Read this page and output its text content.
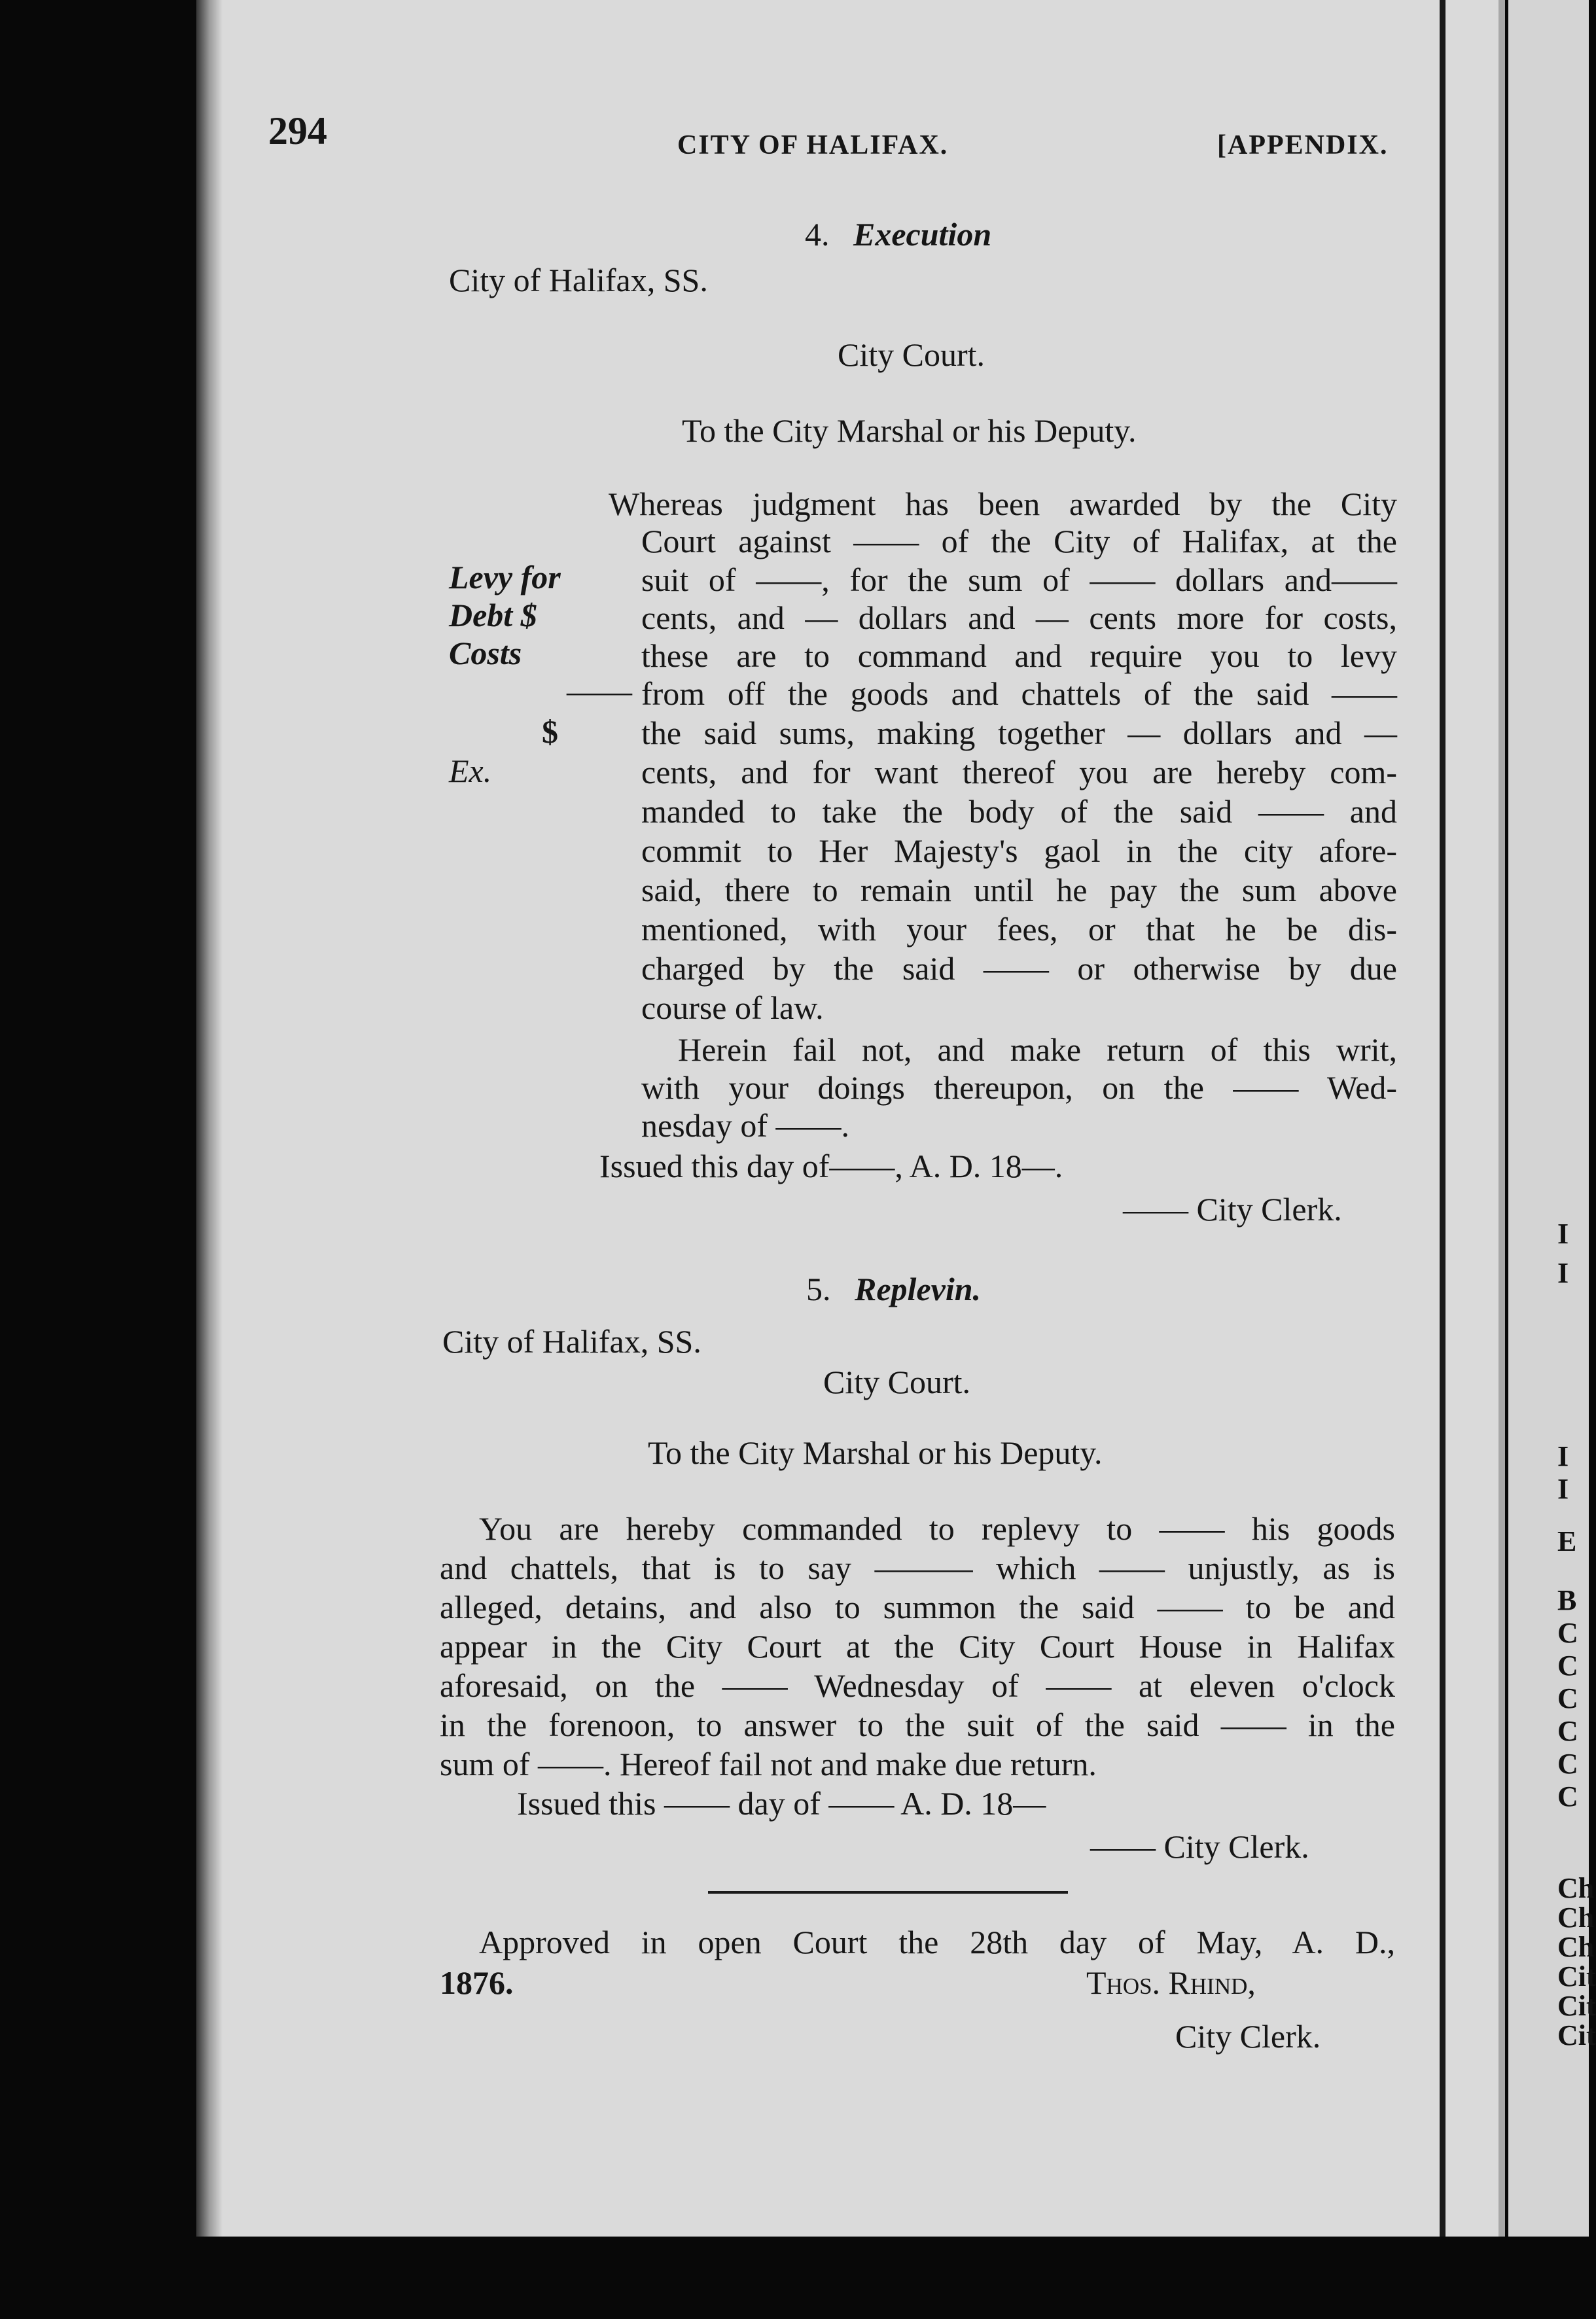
294	CITY OF HALIFAX.	[APPENDIX.
4. Execution
City of Halifax, SS.
City Court.
To the City Marshal or his Deputy.
Levy for
Debt $
Costs
——
$
Ex.
Whereas judgment has been awarded by the City
Court against —— of the City of Halifax, at the
suit of ——, for the sum of —— dollars and——
cents, and — dollars and — cents more for costs,
these are to command and require you to levy
from off the goods and chattels of the said ——
the said sums, making together — dollars and —
cents, and for want thereof you are hereby com-
manded to take the body of the said —— and
commit to Her Majesty's gaol in the city afore-
said, there to remain until he pay the sum above
mentioned, with your fees, or that he be dis-
charged by the said —— or otherwise by due
course of law.
Herein fail not, and make return of this writ,
with your doings thereupon, on the —— Wed-
nesday of ——.
Issued this day of——, A. D. 18—.
—— City Clerk.
5. Replevin.
City of Halifax, SS.
City Court.
To the City Marshal or his Deputy.
You are hereby commanded to replevy to —— his goods
and chattels, that is to say ——— which —— unjustly, as is
alleged, detains, and also to summon the said —— to be and
appear in the City Court at the City Court House in Halifax
aforesaid, on the —— Wednesday of —— at eleven o'clock
in the forenoon, to answer to the suit of the said —— in the
sum of ——. Hereof fail not and make due return.
Issued this —— day of —— A. D. 18—
—— City Clerk.
Approved in open Court the 28th day of May, A. D.,
1876.	Thos. Rhind,
City Clerk.
I
I
I
I
E
B
C
C
C
C
C
C
Ch
Ch
Ch
Cit
Cit
Cit
